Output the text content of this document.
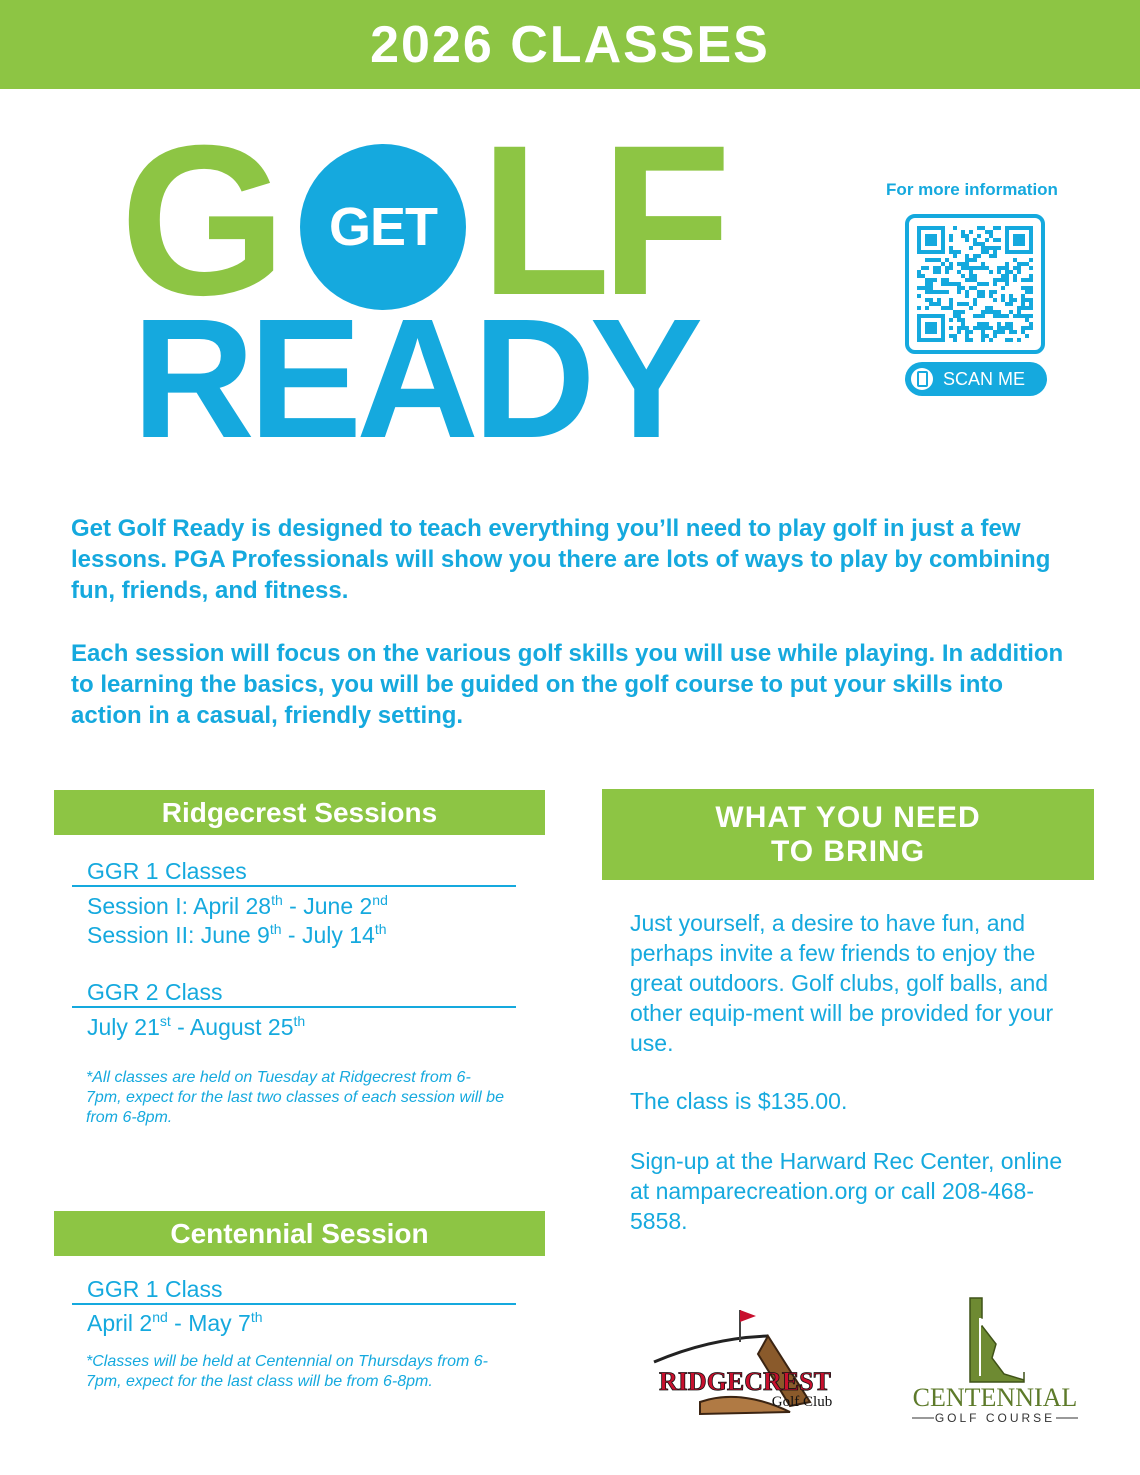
2026 CLASSES
G GET LF
READY
For more information
SCAN ME

Get Golf Ready is designed to teach everything you’ll need to play golf in just a few lessons. PGA Professionals will show you there are lots of ways to play by combining fun, friends, and fitness.

Each session will focus on the various golf skills you will use while playing. In addition to learning the basics, you will be guided on the golf course to put your skills into action in a casual, friendly setting.

Ridgecrest Sessions
GGR 1 Classes
Session I: April 28th - June 2nd
Session II: June 9th - July 14th
GGR 2 Class
July 21st - August 25th

*All classes are held on Tuesday at Ridgecrest from 6-7pm, expect for the last two classes of each session will be from 6-8pm.

Centennial Session
GGR 1 Class
April 2nd - May 7th

*Classes will be held at Centennial on Thursdays from 6-7pm, expect for the last class will be from 6-8pm.

WHAT YOU NEED
TO BRING

Just yourself, a desire to have fun, and perhaps invite a few friends to enjoy the great outdoors. Golf clubs, golf balls, and other equip-ment will be provided for your use.

The class is $135.00.

Sign-up at the Harward Rec Center, online at namparecreation.org or call 208-468-5858.

RIDGECREST
Golf Club	CENTENNIAL
GOLF COURSE
